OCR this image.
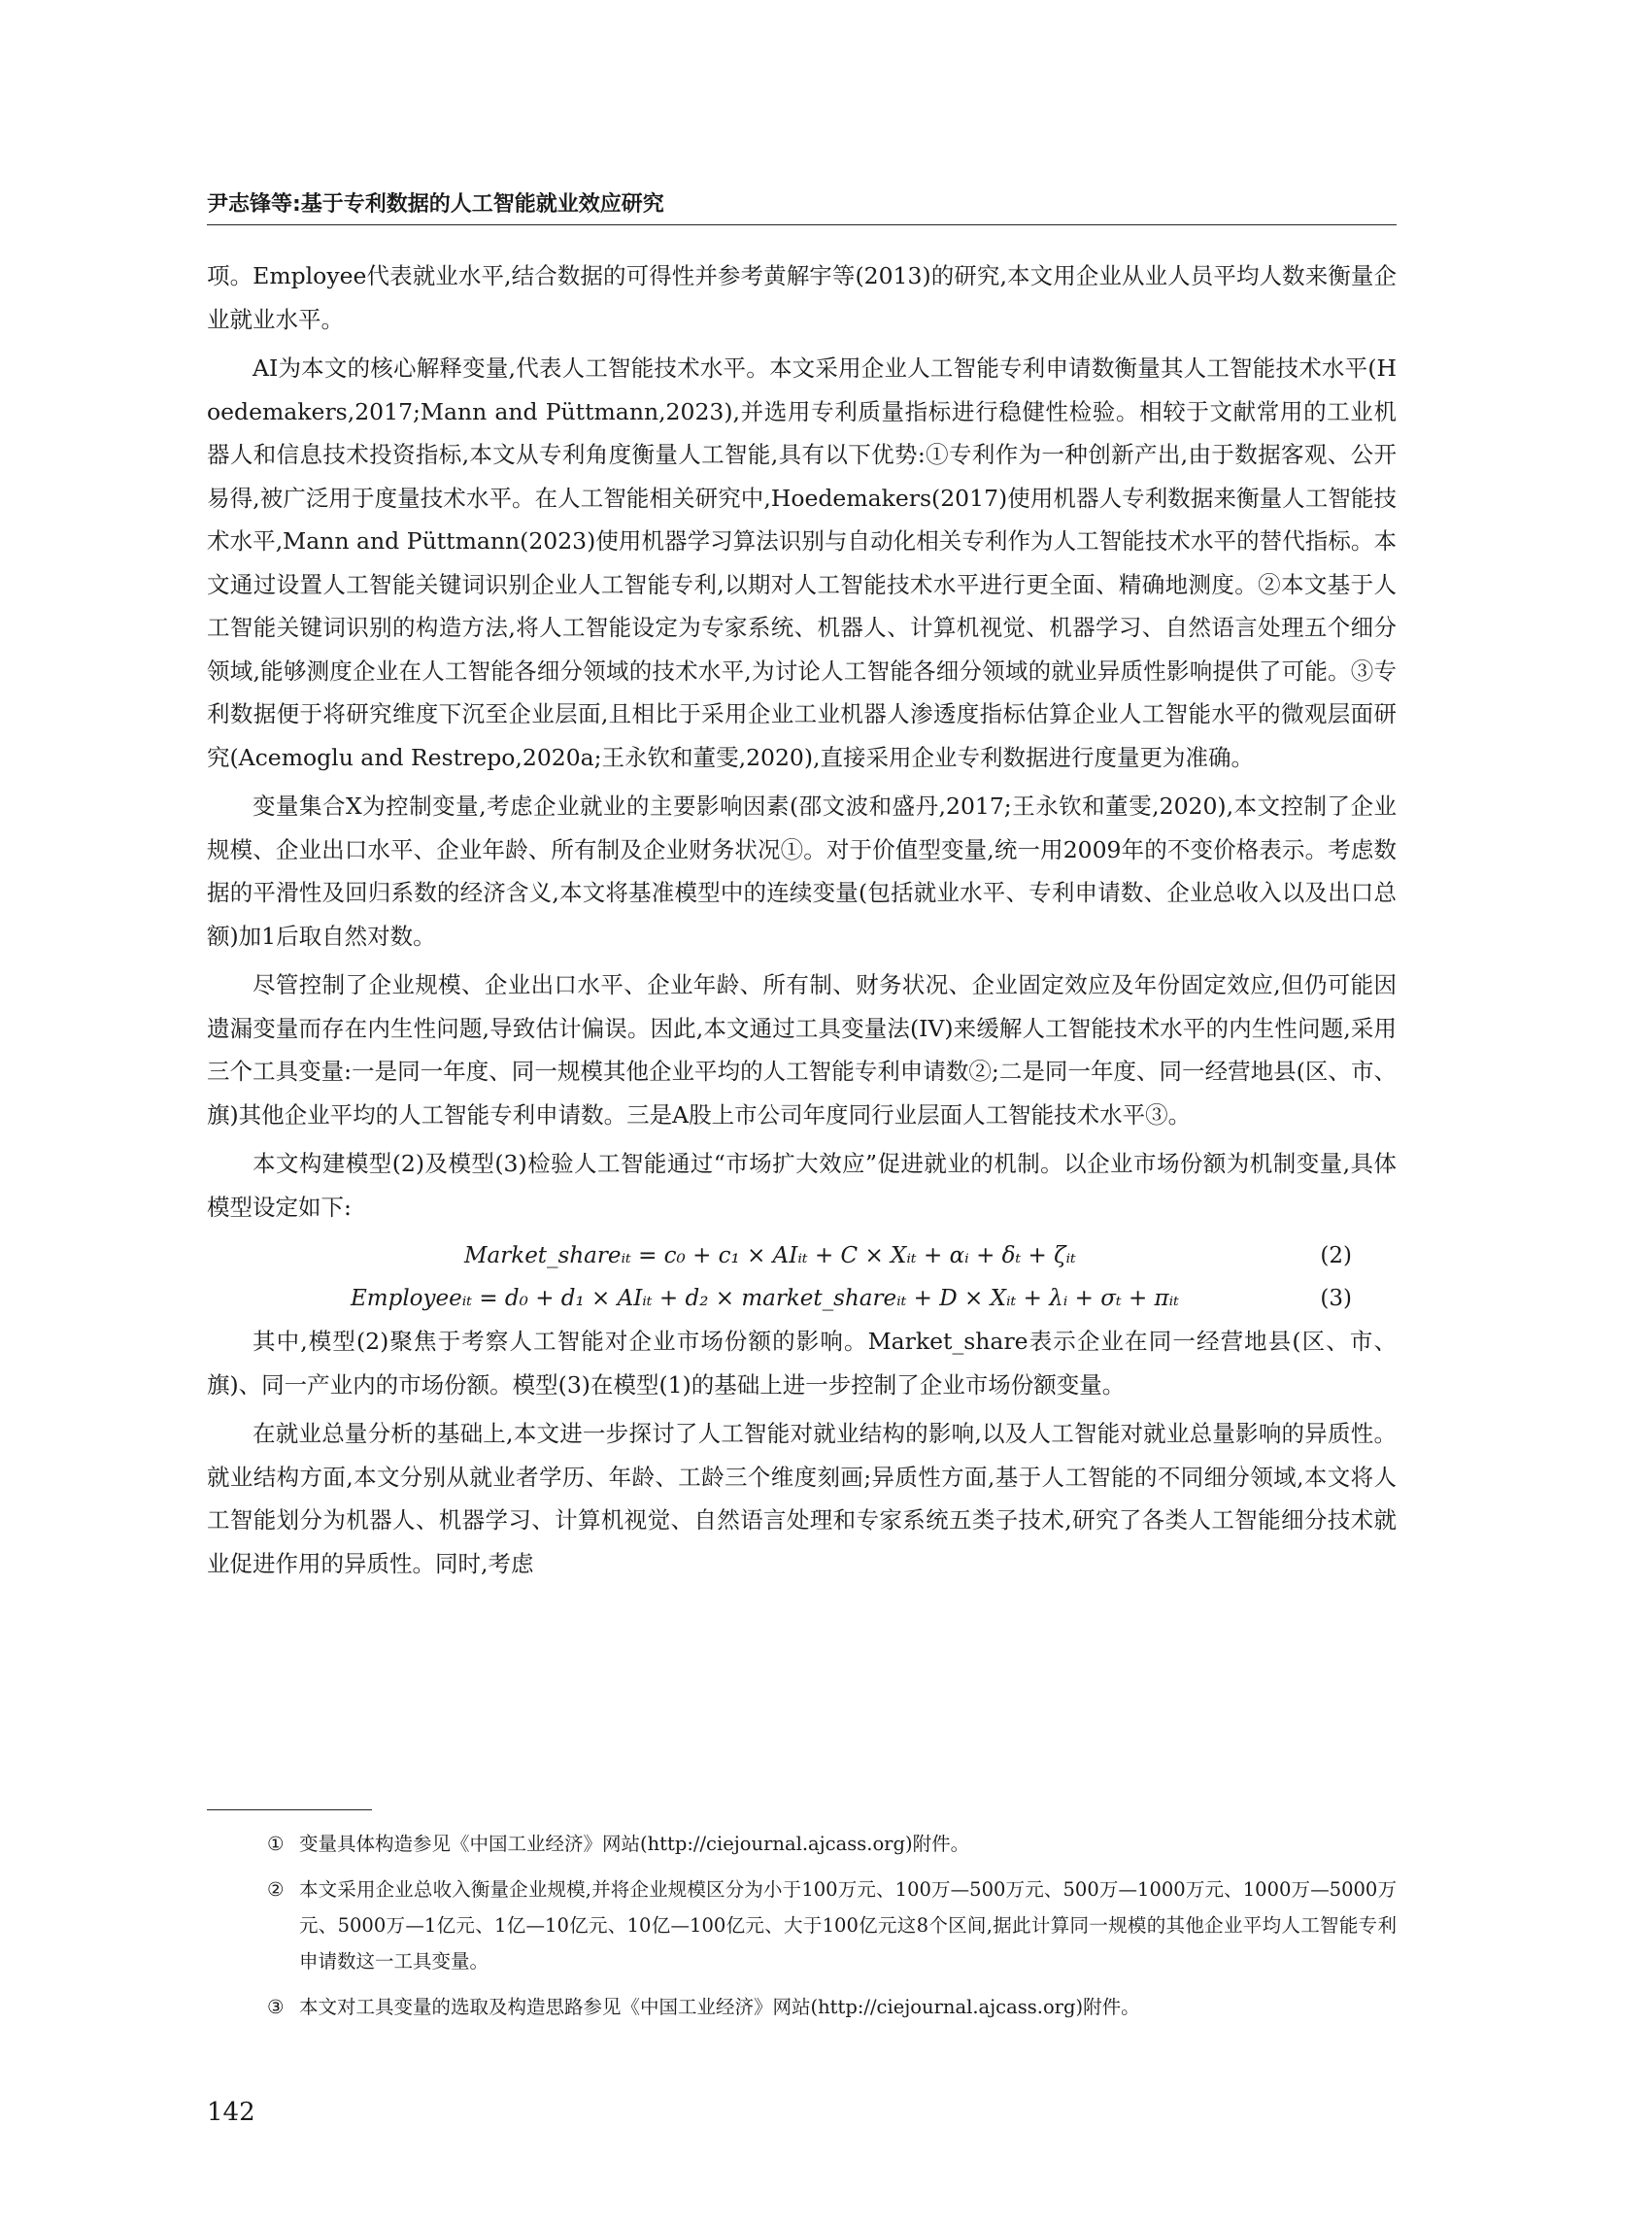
尹志锋等:基于专利数据的人工智能就业效应研究

项。Employee代表就业水平,结合数据的可得性并参考黄解宇等(2013)的研究,本文用企业从业人员平均人数来衡量企业就业水平。

AI为本文的核心解释变量,代表人工智能技术水平。本文采用企业人工智能专利申请数衡量其人工智能技术水平(Hoedemakers,2017;Mann and Püttmann,2023),并选用专利质量指标进行稳健性检验。相较于文献常用的工业机器人和信息技术投资指标,本文从专利角度衡量人工智能,具有以下优势:①专利作为一种创新产出,由于数据客观、公开易得,被广泛用于度量技术水平。在人工智能相关研究中,Hoedemakers(2017)使用机器人专利数据来衡量人工智能技术水平,Mann and Püttmann(2023)使用机器学习算法识别与自动化相关专利作为人工智能技术水平的替代指标。本文通过设置人工智能关键词识别企业人工智能专利,以期对人工智能技术水平进行更全面、精确地测度。②本文基于人工智能关键词识别的构造方法,将人工智能设定为专家系统、机器人、计算机视觉、机器学习、自然语言处理五个细分领域,能够测度企业在人工智能各细分领域的技术水平,为讨论人工智能各细分领域的就业异质性影响提供了可能。③专利数据便于将研究维度下沉至企业层面,且相比于采用企业工业机器人渗透度指标估算企业人工智能水平的微观层面研究(Acemoglu and Restrepo,2020a;王永钦和董雯,2020),直接采用企业专利数据进行度量更为准确。

变量集合X为控制变量,考虑企业就业的主要影响因素(邵文波和盛丹,2017;王永钦和董雯,2020),本文控制了企业规模、企业出口水平、企业年龄、所有制及企业财务状况①。对于价值型变量,统一用2009年的不变价格表示。考虑数据的平滑性及回归系数的经济含义,本文将基准模型中的连续变量(包括就业水平、专利申请数、企业总收入以及出口总额)加1后取自然对数。

尽管控制了企业规模、企业出口水平、企业年龄、所有制、财务状况、企业固定效应及年份固定效应,但仍可能因遗漏变量而存在内生性问题,导致估计偏误。因此,本文通过工具变量法(IV)来缓解人工智能技术水平的内生性问题,采用三个工具变量:一是同一年度、同一规模其他企业平均的人工智能专利申请数②;二是同一年度、同一经营地县(区、市、旗)其他企业平均的人工智能专利申请数。三是A股上市公司年度同行业层面人工智能技术水平③。

本文构建模型(2)及模型(3)检验人工智能通过“市场扩大效应”促进就业的机制。以企业市场份额为机制变量,具体模型设定如下:

Market_shareᵢₜ = c₀ + c₁ × AIᵢₜ + C × Xᵢₜ + αᵢ + δₜ + ζᵢₜ	(2)
Employeeᵢₜ = d₀ + d₁ × AIᵢₜ + d₂ × market_shareᵢₜ + D × Xᵢₜ + λᵢ + σₜ + πᵢₜ	(3)

其中,模型(2)聚焦于考察人工智能对企业市场份额的影响。Market_share表示企业在同一经营地县(区、市、旗)、同一产业内的市场份额。模型(3)在模型(1)的基础上进一步控制了企业市场份额变量。

在就业总量分析的基础上,本文进一步探讨了人工智能对就业结构的影响,以及人工智能对就业总量影响的异质性。就业结构方面,本文分别从就业者学历、年龄、工龄三个维度刻画;异质性方面,基于人工智能的不同细分领域,本文将人工智能划分为机器人、机器学习、计算机视觉、自然语言处理和专家系统五类子技术,研究了各类人工智能细分技术就业促进作用的异质性。同时,考虑

① 变量具体构造参见《中国工业经济》网站(http://ciejournal.ajcass.org)附件。
② 本文采用企业总收入衡量企业规模,并将企业规模区分为小于100万元、100万—500万元、500万—1000万元、1000万—5000万元、5000万—1亿元、1亿—10亿元、10亿—100亿元、大于100亿元这8个区间,据此计算同一规模的其他企业平均人工智能专利申请数这一工具变量。
③ 本文对工具变量的选取及构造思路参见《中国工业经济》网站(http://ciejournal.ajcass.org)附件。
142
